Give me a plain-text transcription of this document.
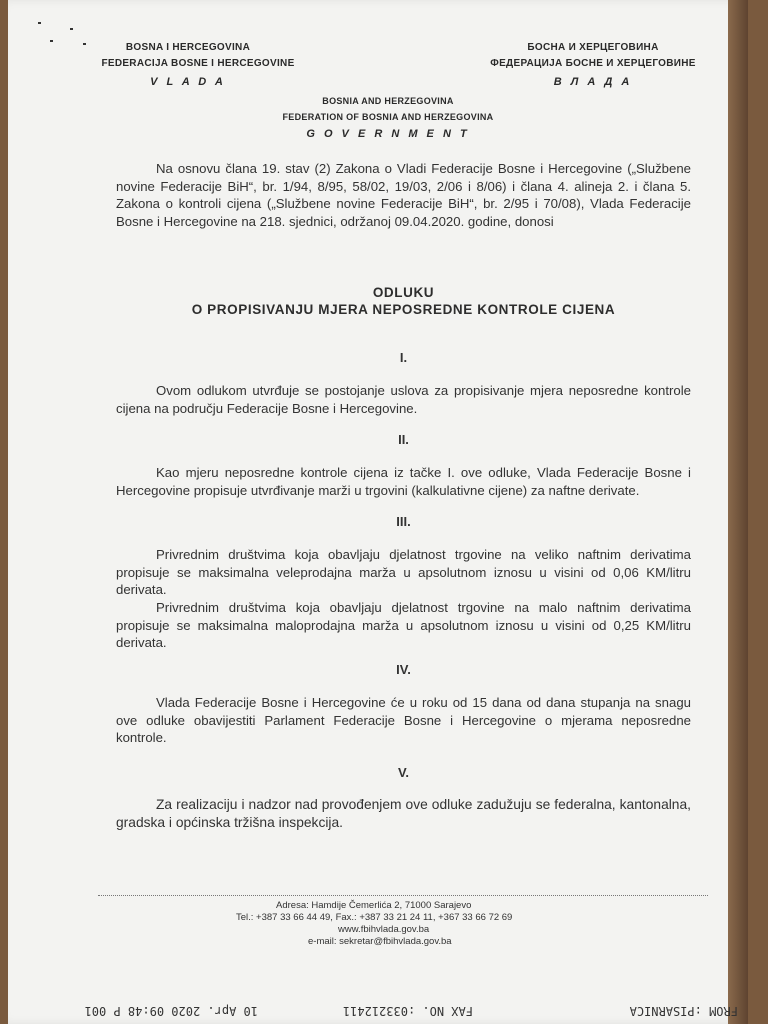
BOSNA I HERCEGOVINA
FEDERACIJA BOSNE I HERCEGOVINE
V L A D A
БОСНА И ХЕРЦЕГОВИНА
ФЕДЕРАЦИЈА БОСНЕ И ХЕРЦЕГОВИНЕ
В Л А Д А
BOSNIA AND HERZEGOVINA
FEDERATION OF BOSNIA AND HERZEGOVINA
G O V E R N M E N T
Na osnovu člana 19. stav (2) Zakona o Vladi Federacije Bosne i Hercegovine („Službene novine Federacije BiH“, br. 1/94, 8/95, 58/02, 19/03, 2/06 i 8/06) i člana 4. alineja 2. i člana 5. Zakona o kontroli cijena („Službene novine Federacije BiH“, br. 2/95 i 70/08), Vlada Federacije Bosne i Hercegovine na 218. sjednici, održanoj 09.04.2020. godine, donosi
ODLUKU
O PROPISIVANJU MJERA NEPOSREDNE KONTROLE CIJENA
I.
Ovom odlukom utvrđuje se postojanje uslova za propisivanje mjera neposredne kontrole cijena na području Federacije Bosne i Hercegovine.
II.
Kao mjeru neposredne kontrole cijena iz tačke I. ove odluke, Vlada Federacije Bosne i Hercegovine propisuje utvrđivanje marži u trgovini (kalkulativne cijene) za naftne derivate.
III.
Privrednim društvima koja obavljaju djelatnost trgovine na veliko naftnim derivatima propisuje se maksimalna veleprodajna marža u apsolutnom iznosu u visini od 0,06 KM/litru derivata.
Privrednim društvima koja obavljaju djelatnost trgovine na malo naftnim derivatima propisuje se maksimalna maloprodajna marža u apsolutnom iznosu u visini od 0,25 KM/litru derivata.
IV.
Vlada Federacije Bosne i Hercegovine će u roku od 15 dana od dana stupanja na snagu ove odluke obavijestiti Parlament Federacije Bosne i Hercegovine o mjerama neposredne kontrole.
V.
Za realizaciju i nadzor nad provođenjem ove odluke zadužuju se federalna, kantonalna, gradska i općinska tržišna inspekcija.
Adresa: Hamdije Čemerlića 2, 71000 Sarajevo
Tel.: +387 33 66 44 49, Fax.: +387 33 21 24 11, +367 33 66 72 69
www.fbihvlada.gov.ba
e-mail: sekretar@fbihvlada.gov.ba
FROM :PISARNICA
FAX NO. :033212411
10 Apr. 2020 09:48 P 001
